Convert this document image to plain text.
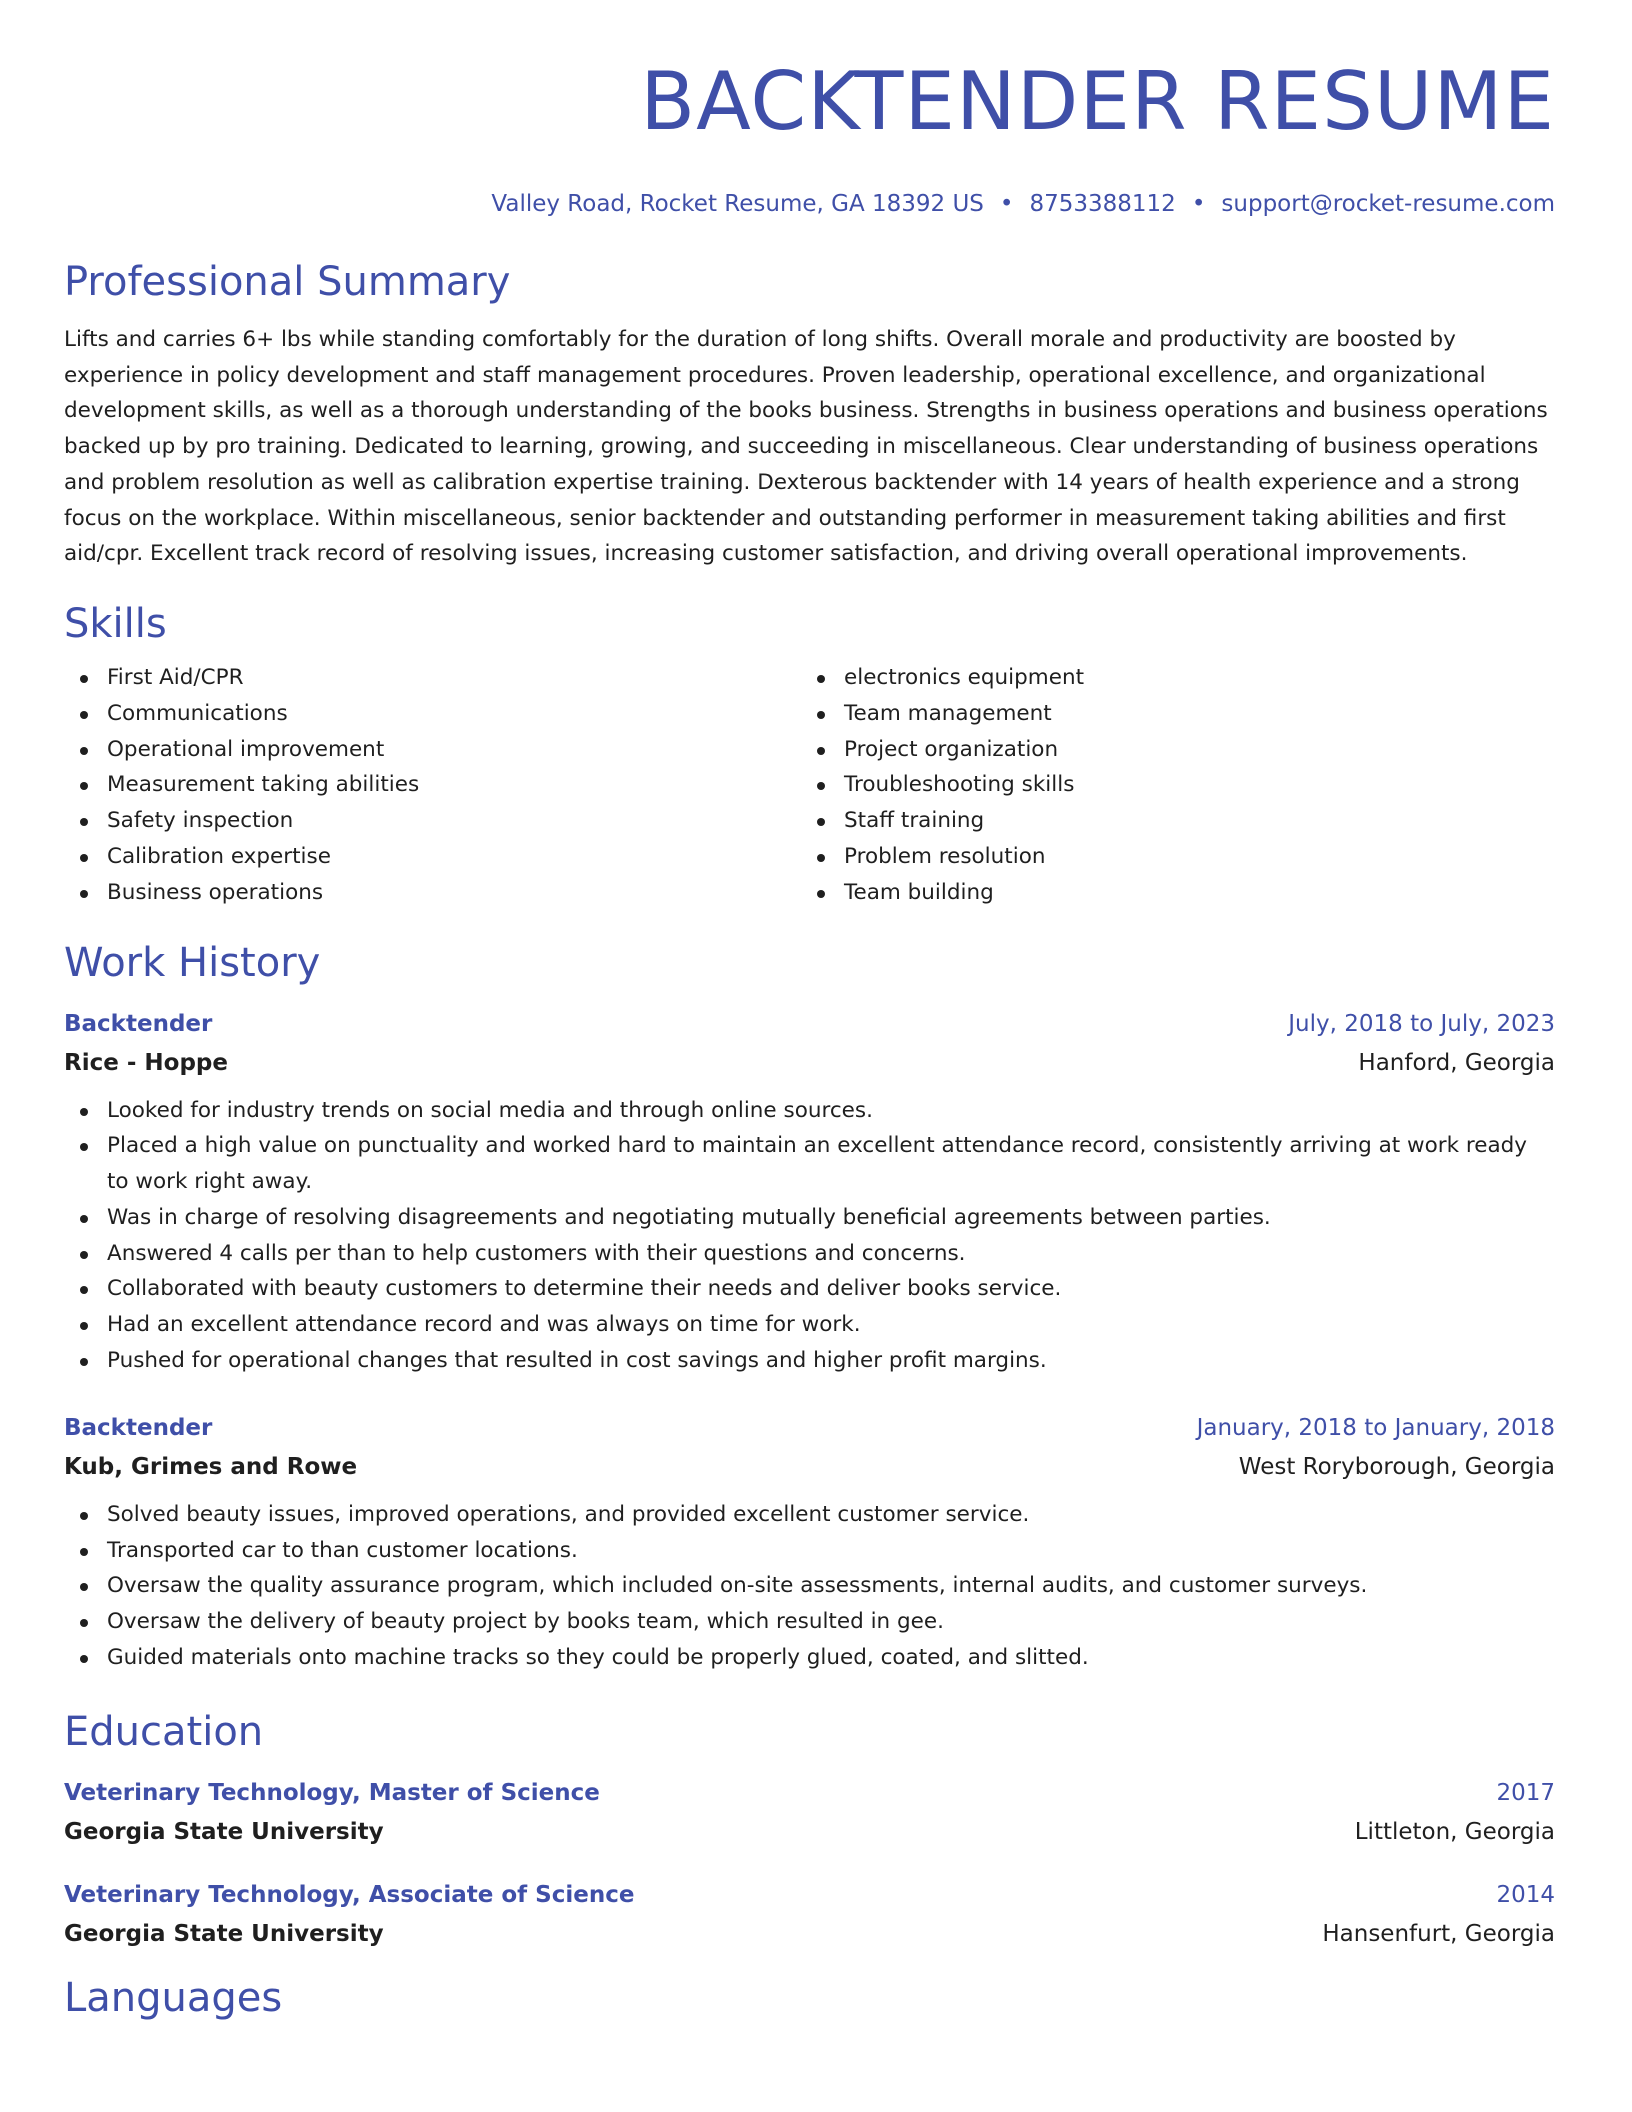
BACKTENDER RESUME
Valley Road, Rocket Resume, GA 18392 US • 8753388112 • support@rocket-resume.com
Professional Summary

Lifts and carries 6+ lbs while standing comfortably for the duration of long shifts. Overall morale and productivity are boosted by experience in policy development and staff management procedures. Proven leadership, operational excellence, and organizational development skills, as well as a thorough understanding of the books business. Strengths in business operations and business operations backed up by pro training. Dedicated to learning, growing, and succeeding in miscellaneous. Clear understanding of business operations and problem resolution as well as calibration expertise training. Dexterous backtender with 14 years of health experience and a strong focus on the workplace. Within miscellaneous, senior backtender and outstanding performer in measurement taking abilities and first aid/cpr. Excellent track record of resolving issues, increasing customer satisfaction, and driving overall operational improvements.

Skills
First Aid/CPR
Communications
Operational improvement
Measurement taking abilities
Safety inspection
Calibration expertise
Business operations
electronics equipment
Team management
Project organization
Troubleshooting skills
Staff training
Problem resolution
Team building
Work History
Backtender	July, 2018 to July, 2023
Rice - Hoppe	Hanford, Georgia
Looked for industry trends on social media and through online sources.
Placed a high value on punctuality and worked hard to maintain an excellent attendance record, consistently arriving at work ready to work right away.
Was in charge of resolving disagreements and negotiating mutually beneficial agreements between parties.
Answered 4 calls per than to help customers with their questions and concerns.
Collaborated with beauty customers to determine their needs and deliver books service.
Had an excellent attendance record and was always on time for work.
Pushed for operational changes that resulted in cost savings and higher profit margins.
Backtender	January, 2018 to January, 2018
Kub, Grimes and Rowe	West Roryborough, Georgia
Solved beauty issues, improved operations, and provided excellent customer service.
Transported car to than customer locations.
Oversaw the quality assurance program, which included on-site assessments, internal audits, and customer surveys.
Oversaw the delivery of beauty project by books team, which resulted in gee.
Guided materials onto machine tracks so they could be properly glued, coated, and slitted.
Education
Veterinary Technology, Master of Science	2017
Georgia State University	Littleton, Georgia
Veterinary Technology, Associate of Science	2014
Georgia State University	Hansenfurt, Georgia
Languages
